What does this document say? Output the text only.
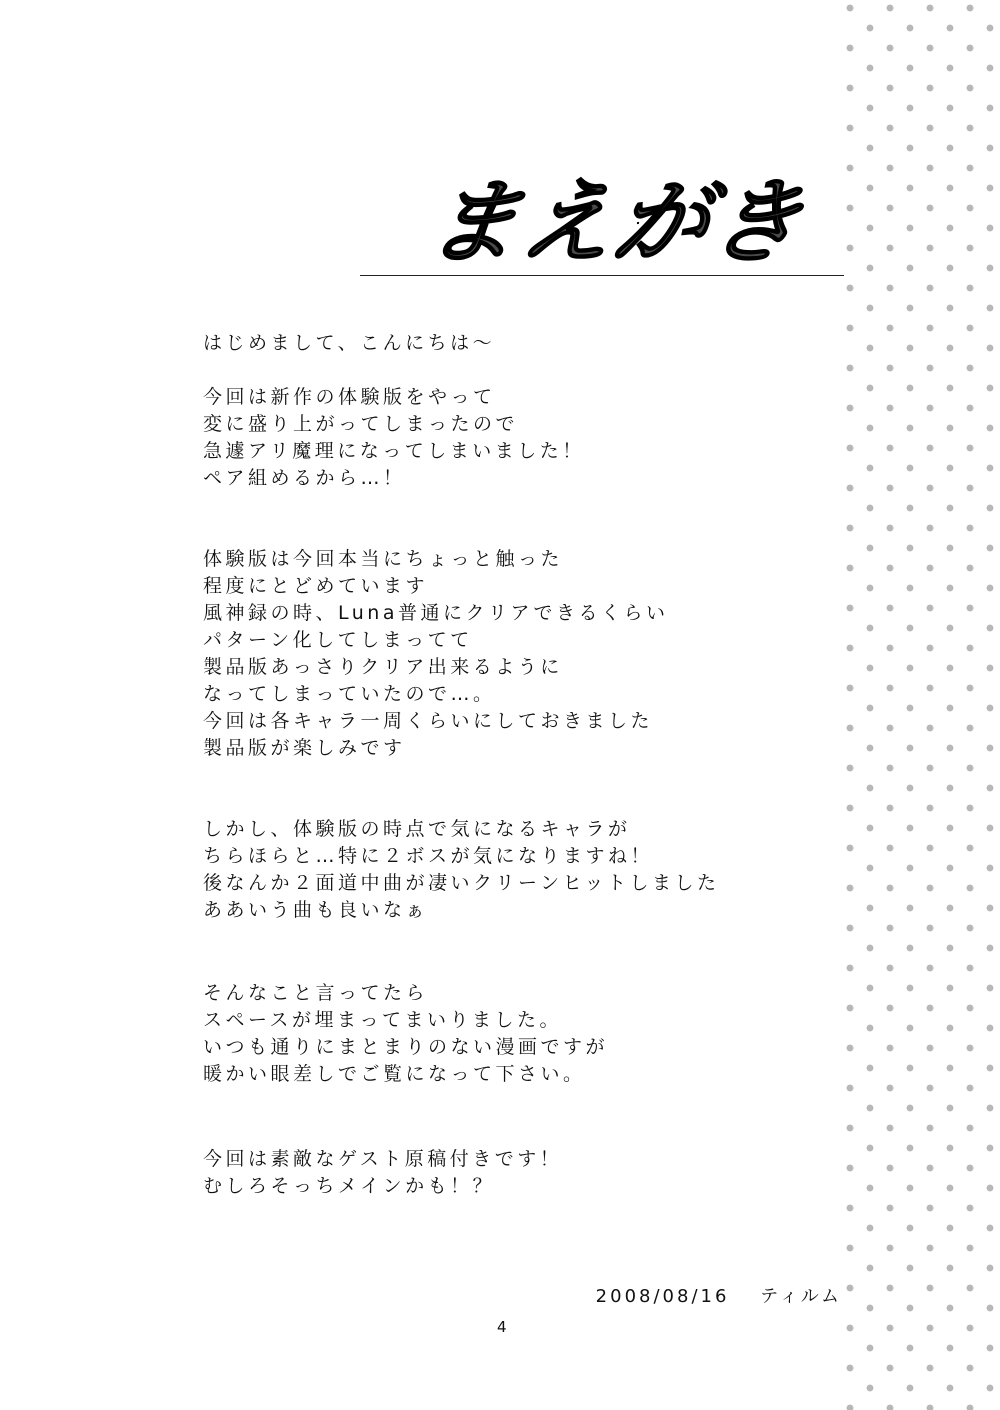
まえがき
はじめまして、こんにちは～
今回は新作の体験版をやって
変に盛り上がってしまったので
急遽アリ魔理になってしまいました！
ペア組めるから…！
体験版は今回本当にちょっと触った
程度にとどめています
風神録の時、Luna普通にクリアできるくらい
パターン化してしまってて
製品版あっさりクリア出来るように
なってしまっていたので…。
今回は各キャラ一周くらいにしておきました
製品版が楽しみです
しかし、体験版の時点で気になるキャラが
ちらほらと…特に２ボスが気になりますね！
後なんか２面道中曲が凄いクリーンヒットしました
ああいう曲も良いなぁ
そんなこと言ってたら
スペースが埋まってまいりました。
いつも通りにまとまりのない漫画ですが
暖かい眼差しでご覧になって下さい。
今回は素敵なゲスト原稿付きです！
むしろそっちメインかも！？
2008/08/16 ティルム
4
